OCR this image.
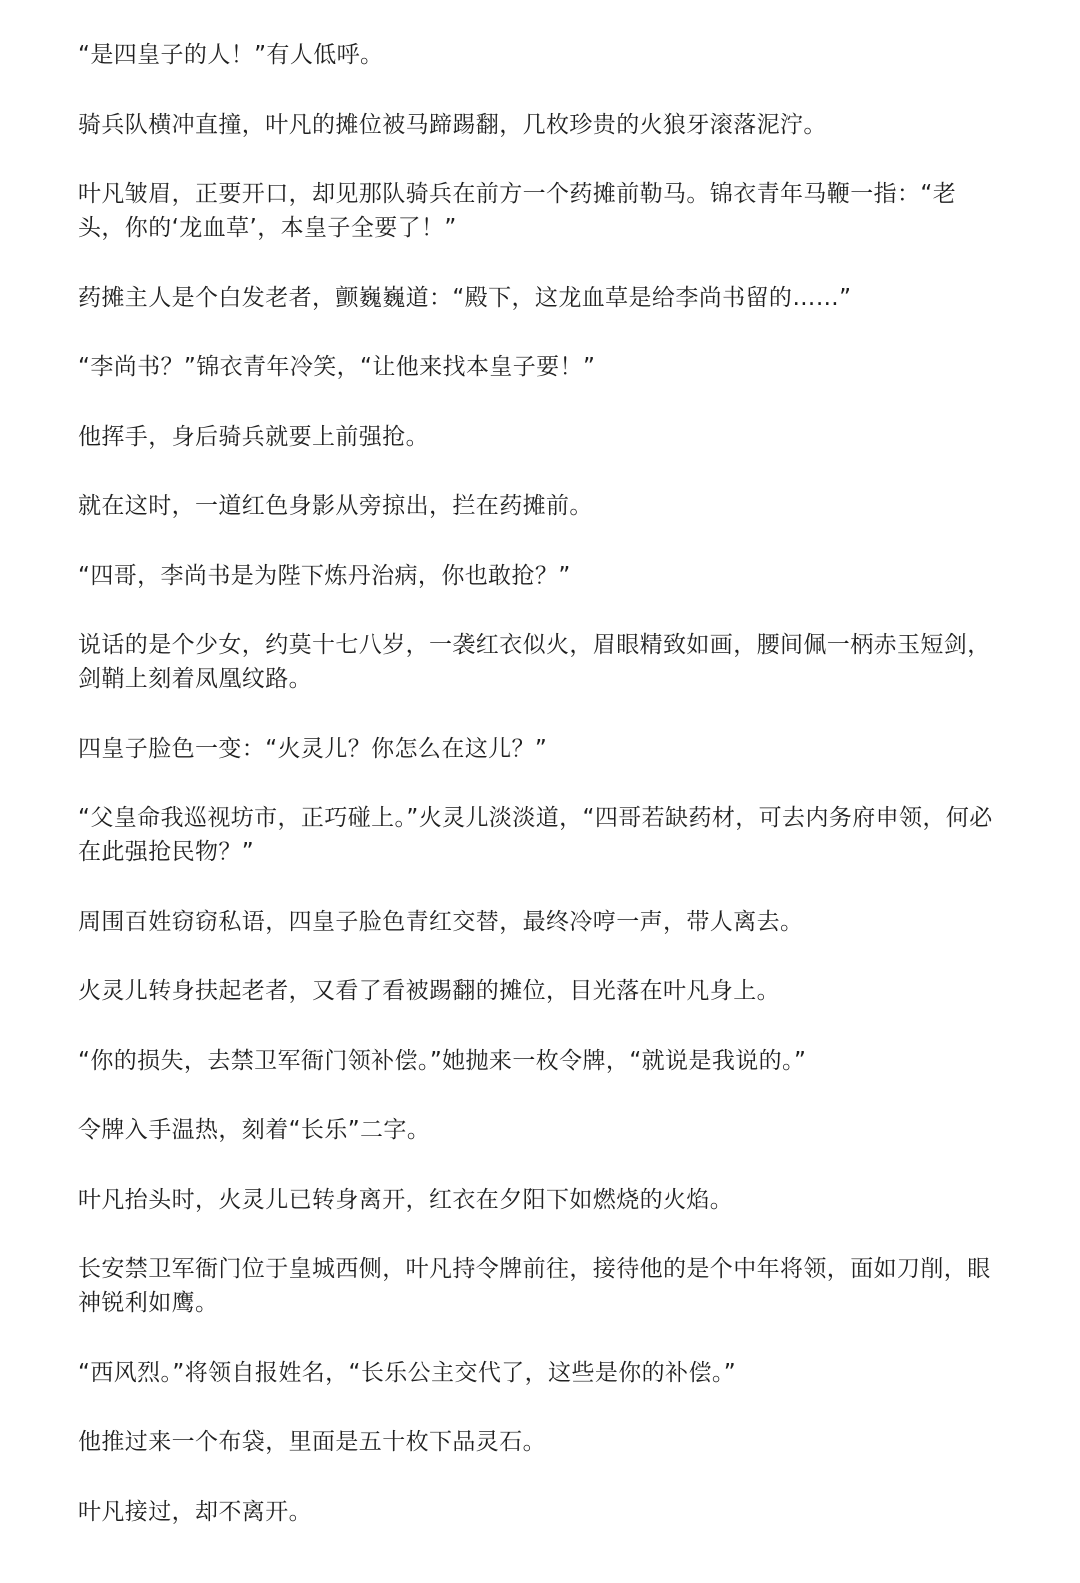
“是四皇子的人！”有人低呼。

骑兵队横冲直撞，叶凡的摊位被马蹄踢翻，几枚珍贵的火狼牙滚落泥泞。

叶凡皱眉，正要开口，却见那队骑兵在前方一个药摊前勒马。锦衣青年马鞭一指：“老头，你的‘龙血草’，本皇子全要了！”

药摊主人是个白发老者，颤巍巍道：“殿下，这龙血草是给李尚书留的……”

“李尚书？”锦衣青年冷笑，“让他来找本皇子要！”

他挥手，身后骑兵就要上前强抢。

就在这时，一道红色身影从旁掠出，拦在药摊前。

“四哥，李尚书是为陛下炼丹治病，你也敢抢？”

说话的是个少女，约莫十七八岁，一袭红衣似火，眉眼精致如画，腰间佩一柄赤玉短剑，剑鞘上刻着凤凰纹路。

四皇子脸色一变：“火灵儿？你怎么在这儿？”

“父皇命我巡视坊市，正巧碰上。”火灵儿淡淡道，“四哥若缺药材，可去内务府申领，何必在此强抢民物？”

周围百姓窃窃私语，四皇子脸色青红交替，最终冷哼一声，带人离去。

火灵儿转身扶起老者，又看了看被踢翻的摊位，目光落在叶凡身上。

“你的损失，去禁卫军衙门领补偿。”她抛来一枚令牌，“就说是我说的。”

令牌入手温热，刻着“长乐”二字。

叶凡抬头时，火灵儿已转身离开，红衣在夕阳下如燃烧的火焰。

长安禁卫军衙门位于皇城西侧，叶凡持令牌前往，接待他的是个中年将领，面如刀削，眼神锐利如鹰。

“西风烈。”将领自报姓名，“长乐公主交代了，这些是你的补偿。”

他推过来一个布袋，里面是五十枚下品灵石。

叶凡接过，却不离开。
